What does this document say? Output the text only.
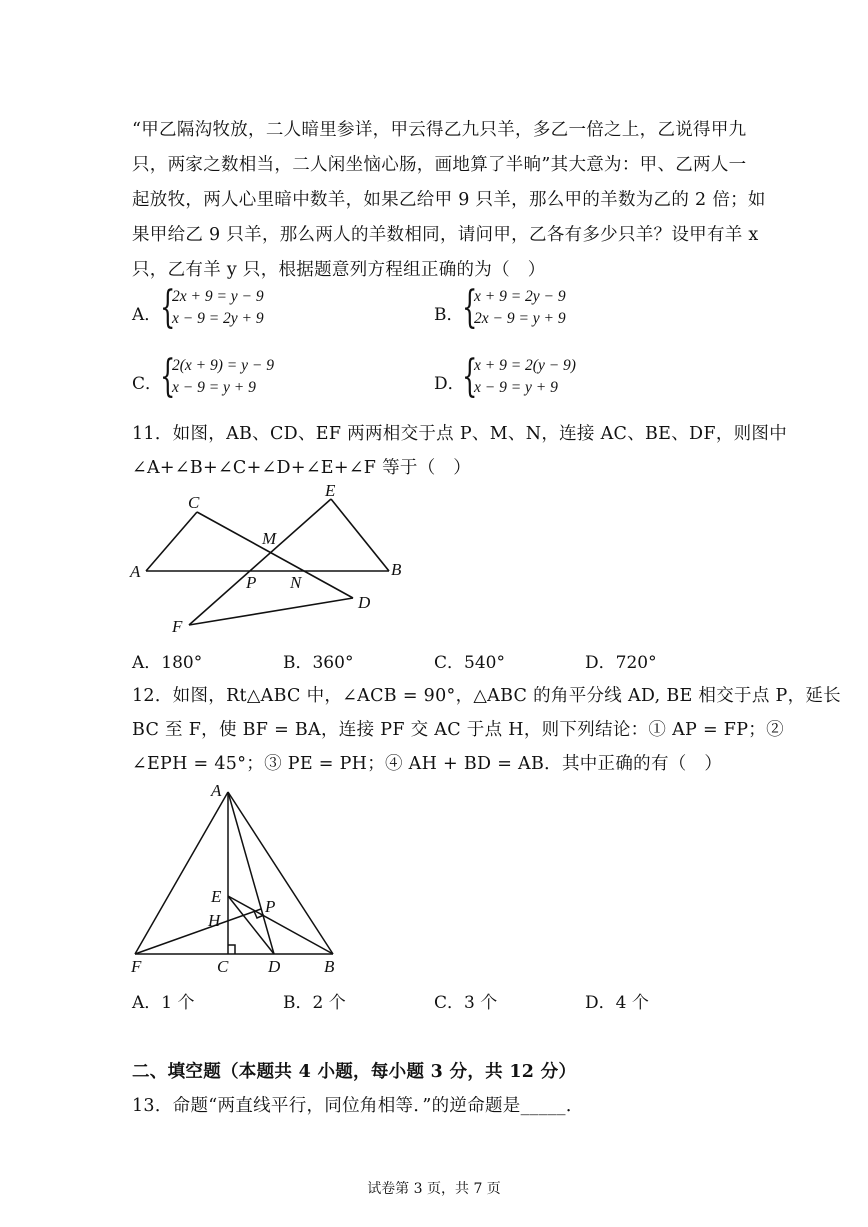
“甲乙隔沟牧放，二人暗里参详，甲云得乙九只羊，多乙一倍之上，乙说得甲九
只，两家之数相当，二人闲坐恼心肠，画地算了半晌”其大意为：甲、乙两人一
起放牧，两人心里暗中数羊，如果乙给甲 9 只羊，那么甲的羊数为乙的 2 倍；如
果甲给乙 9 只羊，那么两人的羊数相同，请问甲，乙各有多少只羊？设甲有羊 x
只，乙有羊 y 只，根据题意列方程组正确的为（　）
A．
{
2x + 9 = y − 9
x − 9 = 2y + 9	B．
{
x + 9 = 2y − 9
2x − 9 = y + 9
C．
{
2(x + 9) = y − 9
x − 9 = y + 9	D．
{
x + 9 = 2(y − 9)
x − 9 = y + 9
11．如图，AB、CD、EF 两两相交于点 P、M、N，连接 AC、BE、DF，则图中
∠A+∠B+∠C+∠D+∠E+∠F 等于（　）
C
E
M
A	B
P N
D
F
A．180°	B．360°	C．540°	D．720°
12．如图，Rt△ABC 中，∠ACB = 90°，△ABC 的角平分线 AD, BE 相交于点 P，延长
BC 至 F，使 BF = BA，连接 PF 交 AC 于点 H，则下列结论：① AP = FP；②
∠EPH = 45°；③ PE = PH；④ AH + BD = AB．其中正确的有（　）
A
E
H
P
F	C D	B
A．1 个	B．2 个	C．3 个	D．4 个
二、填空题（本题共 4 小题，每小题 3 分，共 12 分）
13．命题“两直线平行，同位角相等．”的逆命题是_____．
试卷第 3 页，共 7 页
